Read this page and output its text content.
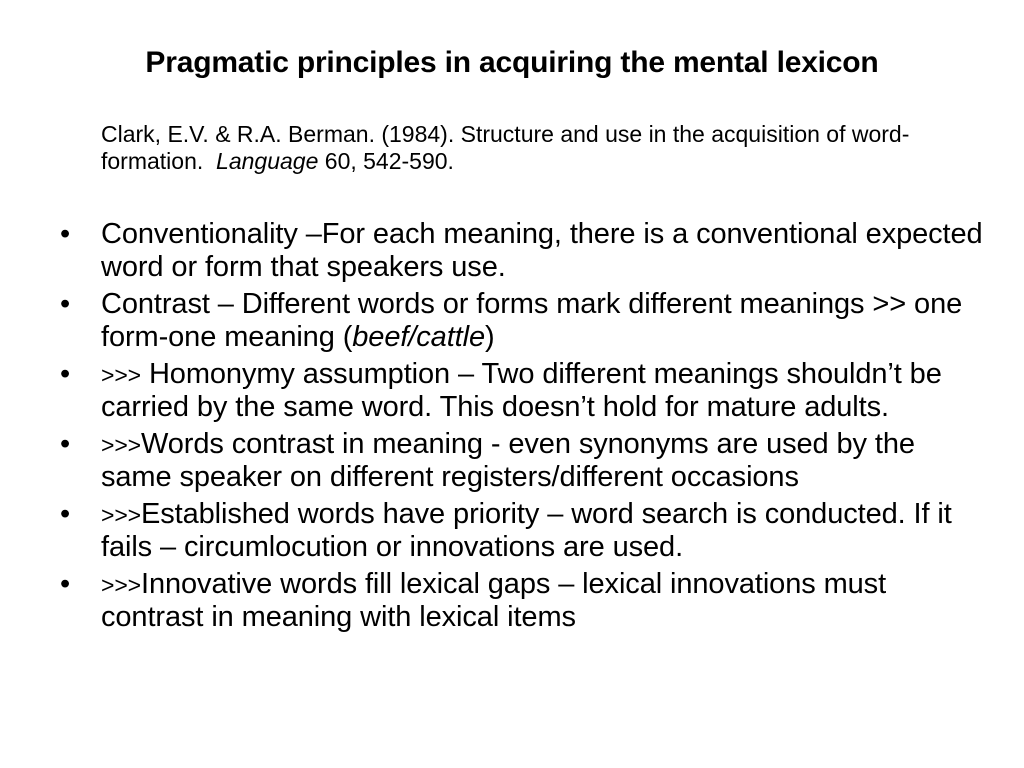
Pragmatic principles in acquiring the mental lexicon
Clark, E.V. & R.A. Berman. (1984). Structure and use in the acquisition of word-formation. Language 60, 542-590.
•	Conventionality –For each meaning, there is a conventional expected word or form that speakers use.
•	Contrast – Different words or forms mark different meanings >> one form-one meaning (beef/cattle)
•	>>> Homonymy assumption – Two different meanings shouldn’t be carried by the same word. This doesn’t hold for mature adults.
•	>>>Words contrast in meaning - even synonyms are used by the same speaker on different registers/different occasions
•	>>>Established words have priority – word search is conducted. If it fails – circumlocution or innovations are used.
•	>>>Innovative words fill lexical gaps – lexical innovations must contrast in meaning with lexical items
